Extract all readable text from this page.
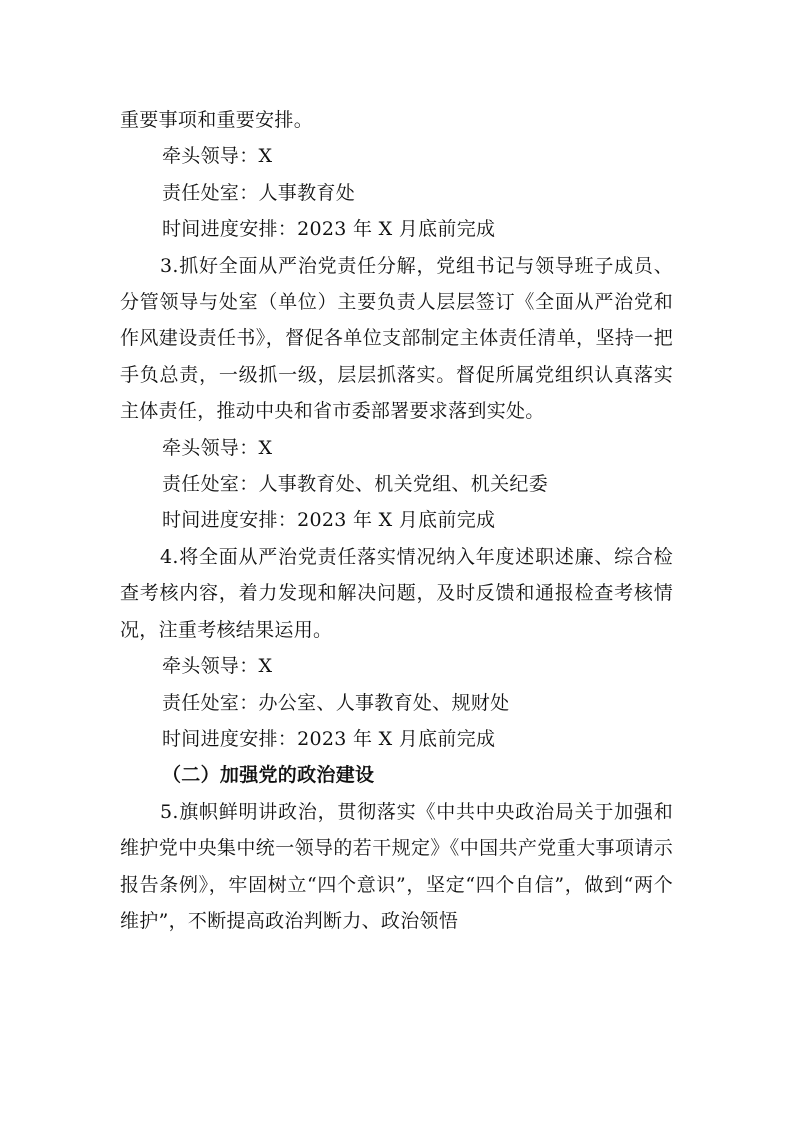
重要事项和重要安排。

牵头领导：X

责任处室：人事教育处

时间进度安排：2023 年 X 月底前完成

3.抓好全面从严治党责任分解，党组书记与领导班子成员、分管领导与处室（单位）主要负责人层层签订《全面从严治党和作风建设责任书》，督促各单位支部制定主体责任清单，坚持一把手负总责，一级抓一级，层层抓落实。督促所属党组织认真落实主体责任，推动中央和省市委部署要求落到实处。

牵头领导：X

责任处室：人事教育处、机关党组、机关纪委

时间进度安排：2023 年 X 月底前完成

4.将全面从严治党责任落实情况纳入年度述职述廉、综合检查考核内容，着力发现和解决问题，及时反馈和通报检查考核情况，注重考核结果运用。

牵头领导：X

责任处室：办公室、人事教育处、规财处

时间进度安排：2023 年 X 月底前完成

（二）加强党的政治建设

5.旗帜鲜明讲政治，贯彻落实《中共中央政治局关于加强和维护党中央集中统一领导的若干规定》《中国共产党重大事项请示报告条例》，牢固树立“四个意识”，坚定“四个自信”，做到“两个维护”，不断提高政治判断力、政治领悟
